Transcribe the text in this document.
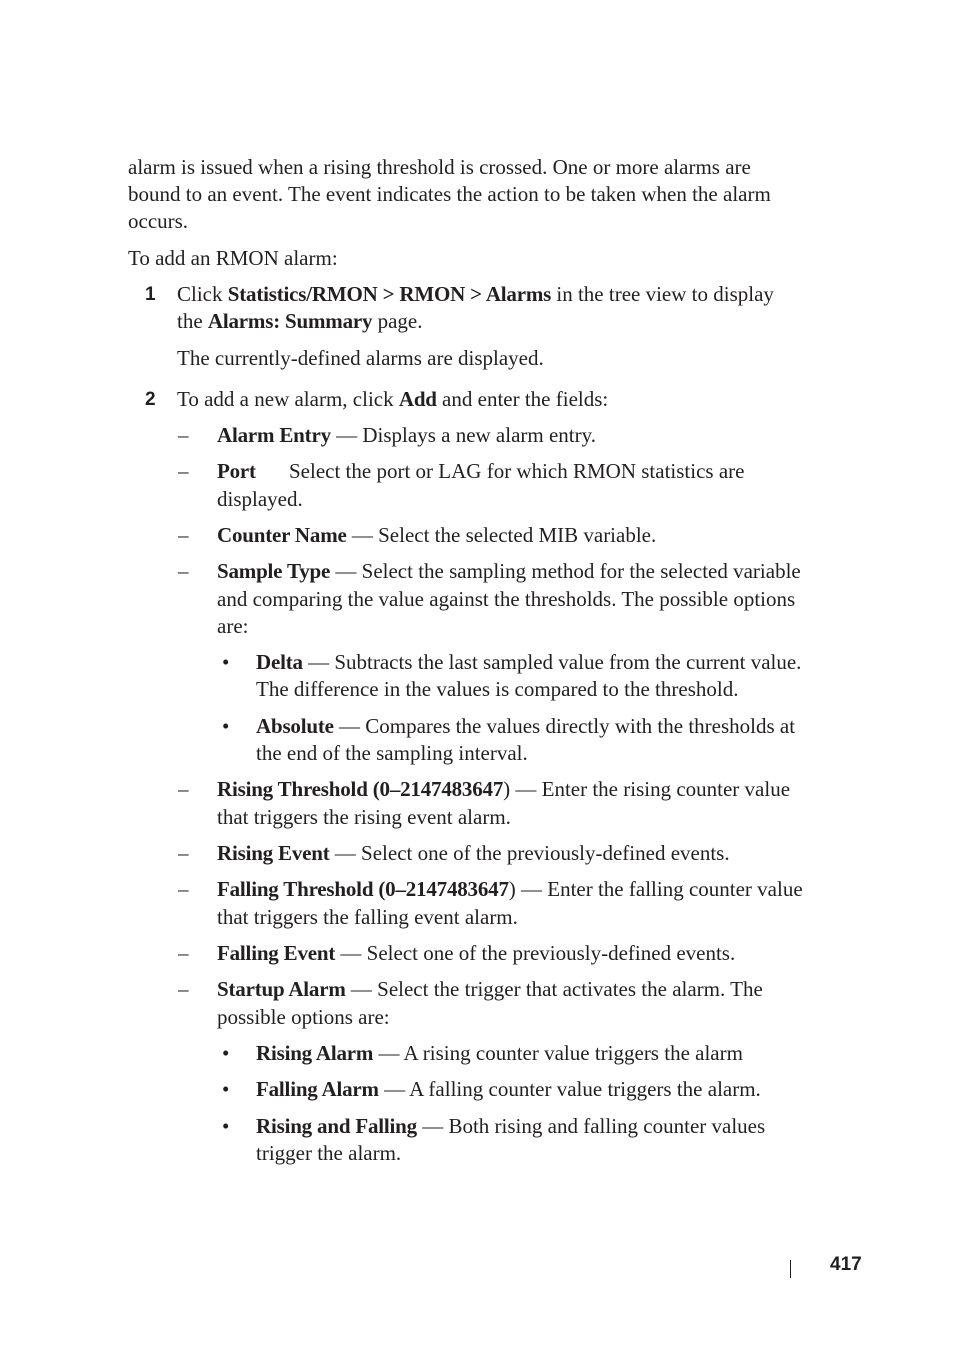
alarm is issued when a rising threshold is crossed. One or more alarms are

bound to an event. The event indicates the action to be taken when the alarm

occurs.

To add an RMON alarm:

1 Click Statistics/RMON > RMON > Alarms in the tree view to display

the Alarms: Summary page.

The currently-defined alarms are displayed.

2 To add a new alarm, click Add and enter the fields:

– Alarm Entry — Displays a new alarm entry.

– Port Select the port or LAG for which RMON statistics are

displayed.

– Counter Name — Select the selected MIB variable.

– Sample Type — Select the sampling method for the selected variable

and comparing the value against the thresholds. The possible options

are:

• Delta — Subtracts the last sampled value from the current value.

The difference in the values is compared to the threshold.

• Absolute — Compares the values directly with the thresholds at

the end of the sampling interval.

– Rising Threshold (0–2147483647) — Enter the rising counter value

that triggers the rising event alarm.

– Rising Event — Select one of the previously-defined events.

– Falling Threshold (0–2147483647) — Enter the falling counter value

that triggers the falling event alarm.

– Falling Event — Select one of the previously-defined events.

– Startup Alarm — Select the trigger that activates the alarm. The

possible options are:

• Rising Alarm — A rising counter value triggers the alarm

• Falling Alarm — A falling counter value triggers the alarm.

• Rising and Falling — Both rising and falling counter values

trigger the alarm.

417
